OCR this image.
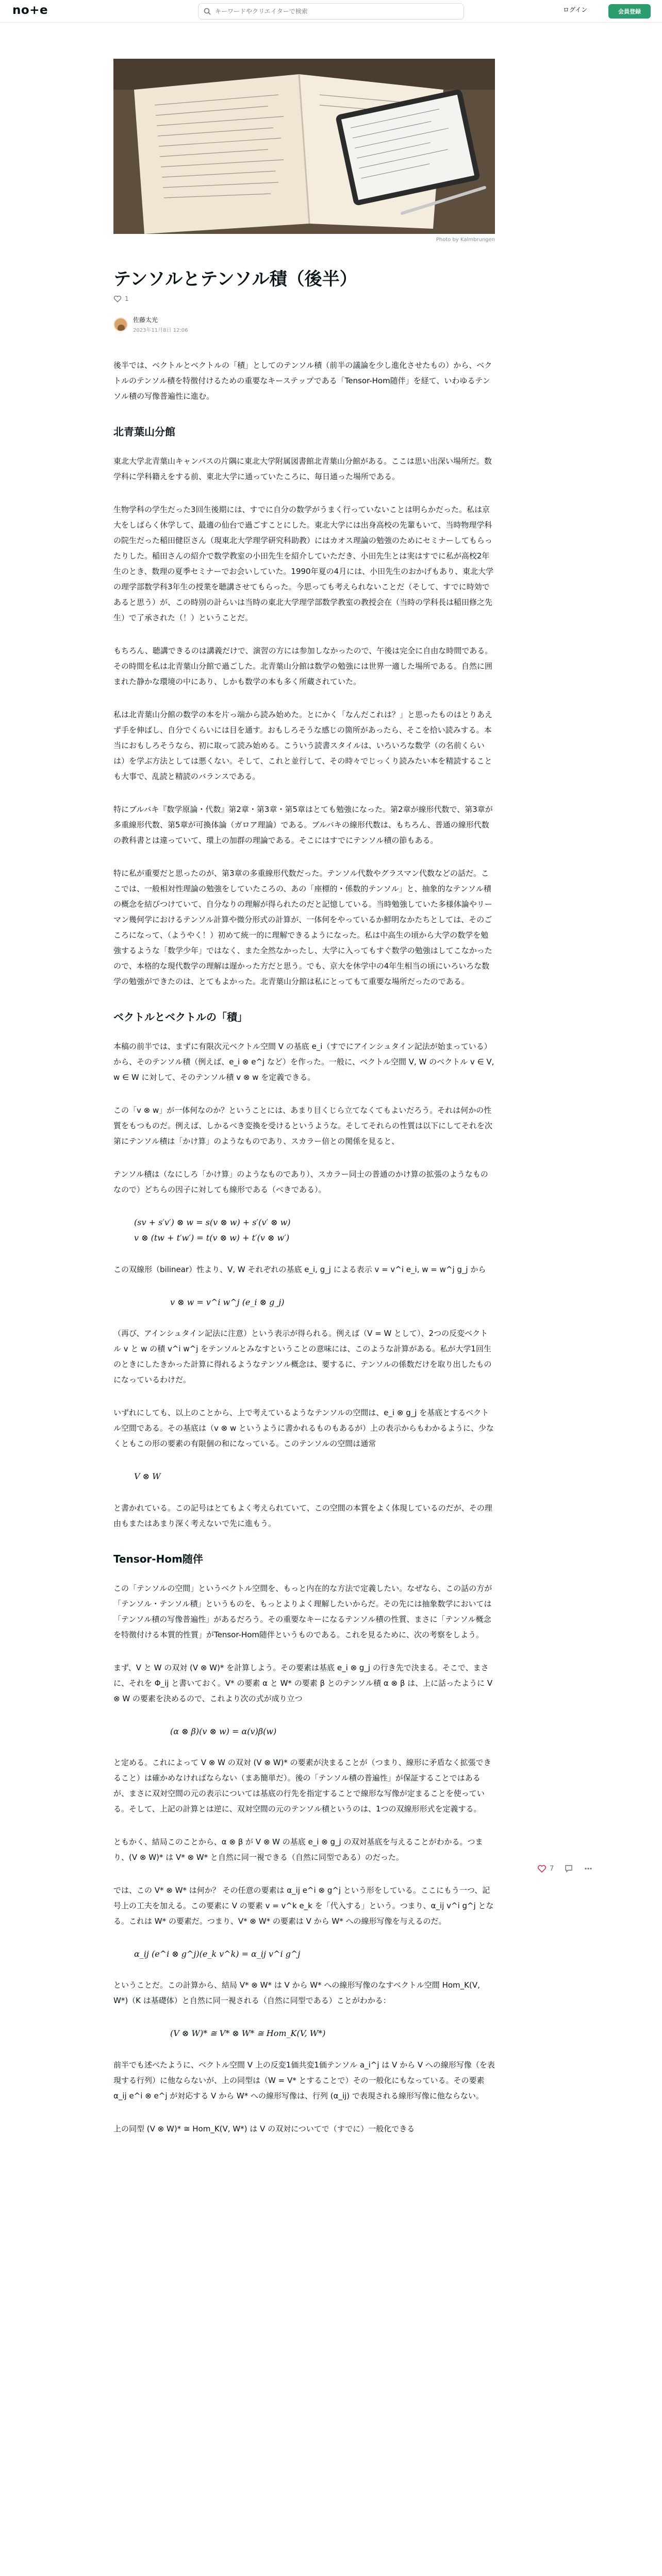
no+e
キーワードやクリエイターで検索	ログイン	会員登録
Photo by Kalmbrungen
テンソルとテンソル積（後半）
1
佐藤太光
2023年11月8日 12:06

後半では、ベクトルとベクトルの「積」としてのテンソル積（前半の議論を少し進化させたもの）から、ベクトルのテンソル積を特徴付けるための重要なキーステップである「Tensor-Hom随伴」を経て、いわゆるテンソル積の写像普遍性に進む。

北青葉山分館

東北大学北青葉山キャンパスの片隅に東北大学附属図書館北青葉山分館がある。ここは思い出深い場所だ。数学科に学科籍えをする前、東北大学に通っていたころに、毎日通った場所である。

生物学科の学生だった3回生後期には、すでに自分の数学がうまく行っていないことは明らかだった。私は京大をしばらく休学して、最適の仙台で過ごすことにした。東北大学には出身高校の先輩もいて、当時物理学科の院生だった稲田健臣さん（現東北大学理学研究科助教）にはカオス理論の勉強のためにセミナーしてもらったりした。稲田さんの紹介で数学教室の小田先生を紹介していただき、小田先生とは実はすでに私が高校2年生のとき、数理の夏季セミナーでお会いしていた。1990年夏の4月には、小田先生のおかげもあり、東北大学の理学部数学科3年生の授業を聴講させてもらった。今思っても考えられないことだ（そして、すでに時効であると思う）が、この時別の計らいは当時の東北大学理学部数学教室の教授会在（当時の学科長は稲田修之先生）で了承された（！）ということだ。

もちろん、聴講できるのは講義だけで、演習の方には参加しなかったので、午後は完全に自由な時間である。その時間を私は北青葉山分館で過ごした。北青葉山分館は数学の勉強には世界一適した場所である。自然に囲まれた静かな環境の中にあり、しかも数学の本も多く所蔵されていた。

私は北青葉山分館の数学の本を片っ端から読み始めた。とにかく「なんだこれは？」と思ったものはとりあえず手を伸ばし、自分でくらいには目を通す。おもしろそうな感じの箇所があったら、そこを拾い読みする。本当におもしろそうなら、初に取って読み始める。こういう読書スタイルは、いろいろな数学（の名前くらいは）を学ぶ方法としては悪くない。そして、これと並行して、その時々でじっくり読みたい本を精読することも大事で、乱読と精読のバランスである。

特にブルバキ『数学原論・代数』第2章・第3章・第5章はとても勉強になった。第2章が線形代数で、第3章が多重線形代数、第5章が可換体論（ガロア理論）である。ブルバキの線形代数は、もちろん、普通の線形代数の教科書とは違っていて、環上の加群の理論である。そこにはすでにテンソル積の節もある。

特に私が重要だと思ったのが、第3章の多重線形代数だった。テンソル代数やグラスマン代数などの話だ。ここでは、一般相対性理論の勉強をしていたころの、あの「座標的・係数的テンソル」と、抽象的なテンソル積の概念を結びつけていて、自分なりの理解が得られたのだと記憶している。当時勉強していた多様体論やリーマン幾何学におけるテンソル計算や微分形式の計算が、一体何をやっているか鮮明なかたちとしては、そのごころになって、（ようやく！）初めて統一的に理解できるようになった。私は中高生の頃から大学の数学を勉強するような「数学少年」ではなく、また全然なかったし、大学に入ってもすぐ数学の勉強はしてこなかったので、本格的な現代数学の理解は遅かった方だと思う。でも、京大を休学中の4年生相当の頃にいろいろな数学の勉強ができたのは、とてもよかった。北青葉山分館は私にとってもて重要な場所だったのである。

ベクトルとベクトルの「積」

本稿の前半では、まずに有限次元ベクトル空間 V の基底 e_i（すでにアインシュタイン記法が始まっている）から、そのテンソル積（例えば、e_i ⊗ e^j など）を作った。一般に、ベクトル空間 V, W のベクトル v ∈ V, w ∈ W に対して、そのテンソル積 v ⊗ w を定義できる。

この「v ⊗ w」が一体何なのか？ということには、あまり目くじら立てなくてもよいだろう。それは何かの性質をもつものだ。例えば、しかるべき変換を受けるというような。そしてそれらの性質は以下にしてそれを次第にテンソル積は「かけ算」のようなものであり、スカラー倍との関係を見ると、

テンソル積は（なにしろ「かけ算」のようなものであり）、スカラー同士の普通のかけ算の拡張のようなものなので）どちらの因子に対しても線形である（べきである）。

(sv + s′v′) ⊗ w = s(v ⊗ w) + s′(v′ ⊗ w)
v ⊗ (tw + t′w′) = t(v ⊗ w) + t′(v ⊗ w′)

この双線形（bilinear）性より、V, W それぞれの基底 e_i, g_j による表示 v = v^i e_i, w = w^j g_j から

v ⊗ w = v^i w^j (e_i ⊗ g_j)

（再び、アインシュタイン記法に注意）という表示が得られる。例えば（V = W として）、2つの反変ベクトル v と w の積 v^i w^j をテンソルとみなすということの意味には、このような計算がある。私が大学1回生のときにしたきかった計算に得れるようなテンソル概念は、要するに、テンソルの係数だけを取り出したものになっているわけだ。

いずれにしても、以上のことから、上で考えているようなテンソルの空間は、e_i ⊗ g_j を基底とするベクトル空間である。その基底は（v ⊗ w というように書かれるものもあるが）上の表示からもわかるように、少なくともこの形の要素の有限個の和になっている。このテンソルの空間は通常

V ⊗ W

と書かれている。この記号はとてもよく考えられていて、この空間の本質をよく体現しているのだが、その理由もまたはあまり深く考えないで先に進もう。

Tensor-Hom随伴

この「テンソルの空間」というベクトル空間を、もっと内在的な方法で定義したい。なぜなら、この話の方が「テンソル・テンソル積」というものを、もっとよりよく理解したいからだ。その先には抽象数学においては「テンソル積の写像普遍性」があるだろう。その重要なキーになるテンソル積の性質、まさに「テンソル概念を特徴付ける本質的性質」がTensor-Hom随伴というものである。これを見るために、次の考察をしよう。

まず、V と W の双対 (V ⊗ W)* を計算しよう。その要素は基底 e_i ⊗ g_j の行き先で決まる。そこで、まさに、それを Φ_ij と書いておく。V* の要素 α と W* の要素 β とのテンソル積 α ⊗ β は、上に話ったように V ⊗ W の要素を決めるので、これより次の式が成り立つ

(α ⊗ β)(v ⊗ w) = α(v)β(w)

と定める。これによって V ⊗ W の双対 (V ⊗ W)* の要素が決まることが（つまり、線形に矛盾なく拡張できること）は確かめなければならない（まあ簡単だ）。後の「テンソル積の普遍性」が保証することではあるが、まさに双対空間の元の表示については基底の行先を指定することで線形な写像が定まることを使っている。そして、上記の計算とは逆に、双対空間の元のテンソル積というのは、1つの双線形形式を定義する。

ともかく、結局このことから、α ⊗ β が V ⊗ W の基底 e_i ⊗ g_j の双対基底を与えることがわかる。つまり、(V ⊗ W)* は V* ⊗ W* と自然に同一視できる（自然に同型である）のだった。

では、この V* ⊗ W* は何か？ その任意の要素は α_ij e^i ⊗ g^j という形をしている。ここにもう一つ、記号上の工夫を加える。この要素に V の要素 v = v^k e_k を「代入する」という。つまり、α_ij v^i g^j となる。これは W* の要素だ。つまり、V* ⊗ W* の要素は V から W* への線形写像を与えるのだ。

α_ij (e^i ⊗ g^j)(e_k v^k) = α_ij v^i g^j

ということだ。この計算から、結局 V* ⊗ W* は V から W* への線形写像のなすベクトル空間 Hom_K(V, W*)（K は基礎体）と自然に同一視される（自然に同型である）ことがわかる：

(V ⊗ W)* ≅ V* ⊗ W* ≅ Hom_K(V, W*)

前半でも述べたように、ベクトル空間 V 上の反変1価共変1価テンソル a_i^j は V から V への線形写像（を表現する行列）に他ならないが、上の同型は（W = V* とすることで）その一般化にもなっている。その要素 α_ij e^i ⊗ e^j が対応する V から W* への線形写像は、行列 (α_ij) で表現される線形写像に他ならない。

上の同型 (V ⊗ W)* ≅ Hom_K(V, W*) は V の双対についてで（すでに）一般化できる

7
